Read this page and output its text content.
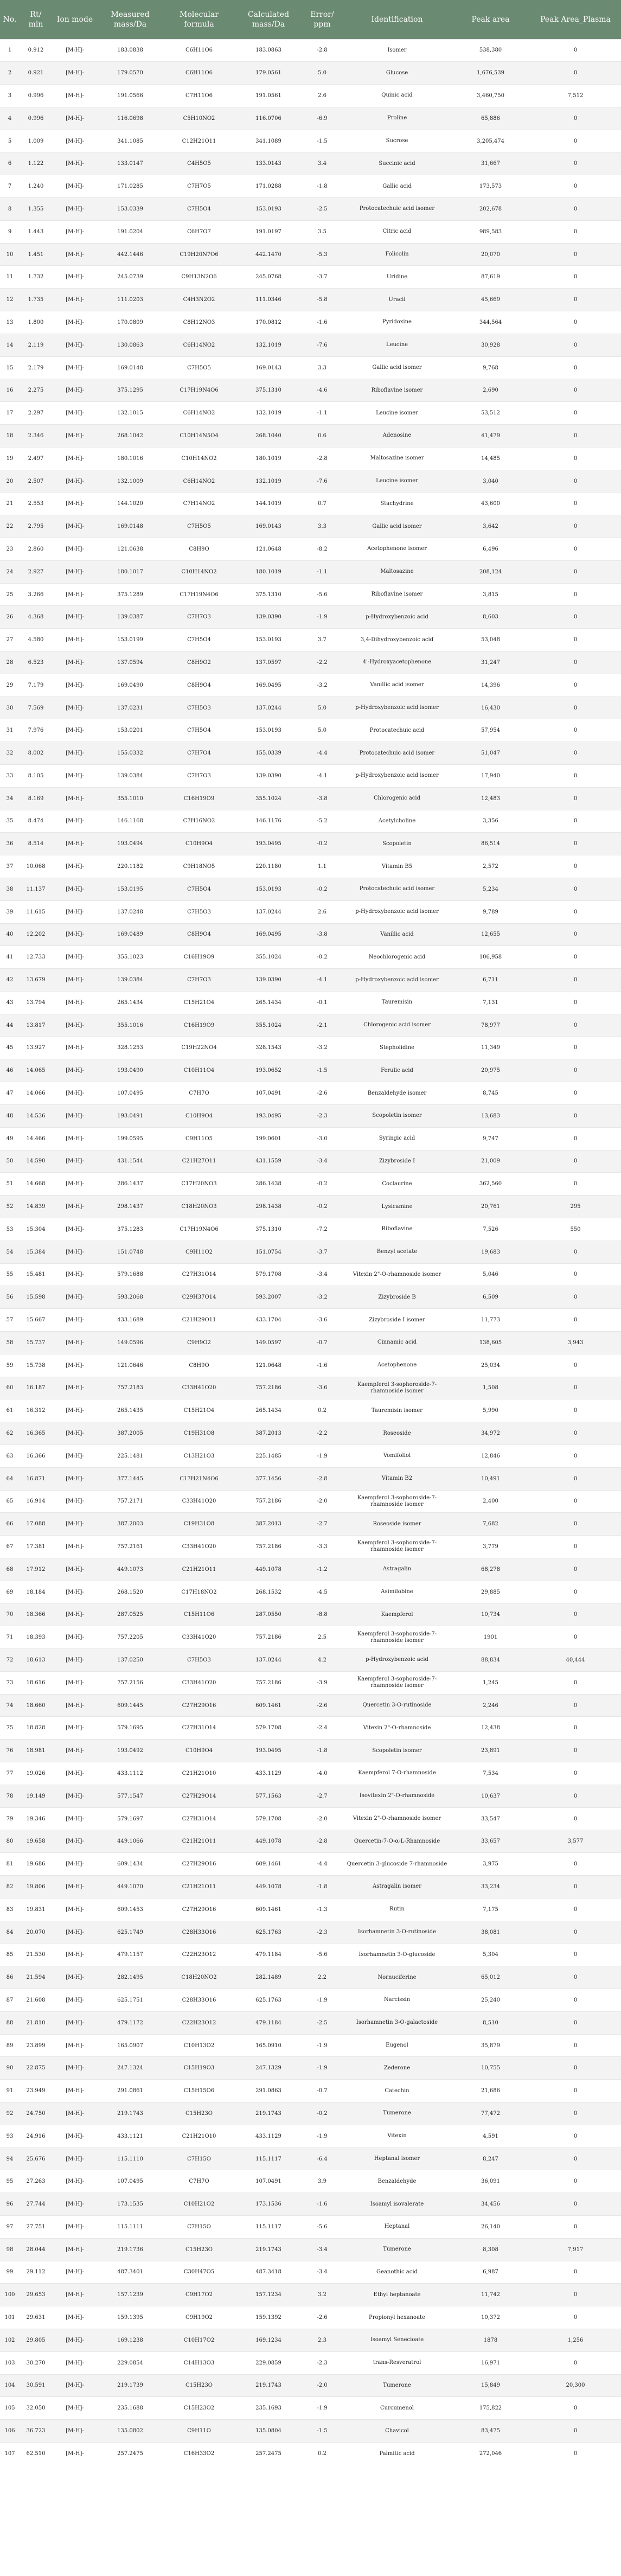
No.	Rt/ min	Ion mode	Measured mass/Da	Molecular formula	Calculated mass/Da	Error/ ppm	Identification	Peak area	Peak Area_Plasma
1	0.912	[M-H]-	183.0838	C6H11O6	183.0863	-2.8	Isomer	538,380	0
2	0.921	[M-H]-	179.0570	C6H11O6	179.0561	5.0	Glucose	1,676,539	0
3	0.996	[M-H]-	191.0566	C7H11O6	191.0561	2.6	Quinic acid	3,460,750	7,512
4	0.996	[M-H]-	116.0698	C5H10NO2	116.0706	-6.9	Proline	65,886	0
5	1.009	[M-H]-	341.1085	C12H21O11	341.1089	-1.5	Sucrose	3,205,474	0
6	1.122	[M-H]-	133.0147	C4H5O5	133.0143	3.4	Succinic acid	31,667	0
7	1.240	[M-H]-	171.0285	C7H7O5	171.0288	-1.8	Gallic acid	173,573	0
8	1.355	[M-H]-	153.0339	C7H5O4	153.0193	-2.5	Protocatechuic acid isomer	202,678	0
9	1.443	[M-H]-	191.0204	C6H7O7	191.0197	3.5	Citric acid	989,583	0
10	1.451	[M-H]-	442.1446	C19H20N7O6	442.1470	-5.3	Folicolin	20,070	0
11	1.732	[M-H]-	245.0739	C9H13N2O6	245.0768	-3.7	Uridine	87,619	0
12	1.735	[M-H]-	111.0203	C4H3N2O2	111.0346	-5.8	Uracil	45,669	0
13	1.800	[M-H]-	170.0809	C8H12NO3	170.0812	-1.6	Pyridoxine	344,564	0
14	2.119	[M-H]-	130.0863	C6H14NO2	132.1019	-7.6	Leucine	30,928	0
15	2.179	[M-H]-	169.0148	C7H5O5	169.0143	3.3	Gallic acid isomer	9,768	0
16	2.275	[M-H]-	375.1295	C17H19N4O6	375.1310	-4.6	Riboflavine isomer	2,690	0
17	2.297	[M-H]-	132.1015	C6H14NO2	132.1019	-1.1	Leucine isomer	53,512	0
18	2.346	[M-H]-	268.1042	C10H14N5O4	268.1040	0.6	Adenosine	41,479	0
19	2.497	[M-H]-	180.1016	C10H14NO2	180.1019	-2.8	Maltosazine isomer	14,485	0
20	2.507	[M-H]-	132.1009	C6H14NO2	132.1019	-7.6	Leucine isomer	3,040	0
21	2.553	[M-H]-	144.1020	C7H14NO2	144.1019	0.7	Stachydrine	43,600	0
22	2.795	[M-H]-	169.0148	C7H5O5	169.0143	3.3	Gallic acid isomer	3,642	0
23	2.860	[M-H]-	121.0638	C8H9O	121.0648	-8.2	Acetophenone isomer	6,496	0
24	2.927	[M-H]-	180.1017	C10H14NO2	180.1019	-1.1	Maltosazine	208,124	0
25	3.266	[M-H]-	375.1289	C17H19N4O6	375.1310	-5.6	Riboflavine isomer	3,815	0
26	4.368	[M-H]-	139.0387	C7H7O3	139.0390	-1.9	p-Hydroxybenzoic acid	8,603	0
27	4.580	[M-H]-	153.0199	C7H5O4	153.0193	3.7	3,4-Dihydroxybenzoic acid	53,048	0
28	6.523	[M-H]-	137.0594	C8H9O2	137.0597	-2.2	4'-Hydroxyacetophenone	31,247	0
29	7.179	[M-H]-	169.0490	C8H9O4	169.0495	-3.2	Vanillic acid isomer	14,396	0
30	7.569	[M-H]-	137.0231	C7H5O3	137.0244	5.0	p-Hydroxybenzoic acid isomer	16,430	0
31	7.976	[M-H]-	153.0201	C7H5O4	153.0193	5.0	Protocatechuic acid	57,954	0
32	8.002	[M-H]-	155.0332	C7H7O4	155.0339	-4.4	Protocatechuic acid isomer	51,047	0
33	8.105	[M-H]-	139.0384	C7H7O3	139.0390	-4.1	p-Hydroxybenzoic acid isomer	17,940	0
34	8.169	[M-H]-	355.1010	C16H19O9	355.1024	-3.8	Chlorogenic acid	12,483	0
35	8.474	[M-H]-	146.1168	C7H16NO2	146.1176	-5.2	Acetylcholine	3,356	0
36	8.514	[M-H]-	193.0494	C10H9O4	193.0495	-0.2	Scopoletin	86,514	0
37	10.068	[M-H]-	220.1182	C9H18NO5	220.1180	1.1	Vitamin B5	2,572	0
38	11.137	[M-H]-	153.0195	C7H5O4	153.0193	-0.2	Protocatechuic acid isomer	5,234	0
39	11.615	[M-H]-	137.0248	C7H5O3	137.0244	2.6	p-Hydroxybenzoic acid isomer	9,789	0
40	12.202	[M-H]-	169.0489	C8H9O4	169.0495	-3.8	Vanillic acid	12,655	0
41	12.733	[M-H]-	355.1023	C16H19O9	355.1024	-0.2	Neochlorogenic acid	106,958	0
42	13.679	[M-H]-	139.0384	C7H7O3	139.0390	-4.1	p-Hydroxybenzoic acid isomer	6,711	0
43	13.794	[M-H]-	265.1434	C15H21O4	265.1434	-0.1	Tauremisin	7,131	0
44	13.817	[M-H]-	355.1016	C16H19O9	355.1024	-2.1	Chlorogenic acid isomer	78,977	0
45	13.927	[M-H]-	328.1253	C19H22NO4	328.1543	-3.2	Stepholidine	11,349	0
46	14.065	[M-H]-	193.0490	C10H11O4	193.0652	-1.5	Ferulic acid	20,975	0
47	14.066	[M-H]-	107.0495	C7H7O	107.0491	-2.6	Benzaldehyde isomer	8,745	0
48	14.536	[M-H]-	193.0491	C10H9O4	193.0495	-2.3	Scopoletin isomer	13,683	0
49	14.466	[M-H]-	199.0595	C9H11O5	199.0601	-3.0	Syringic acid	9,747	0
50	14.590	[M-H]-	431.1544	C21H27O11	431.1559	-3.4	Zizybroside I	21,009	0
51	14.668	[M-H]-	286.1437	C17H20NO3	286.1438	-0.2	Coclaurine	362,560	0
52	14.839	[M-H]-	298.1437	C18H20NO3	298.1438	-0.2	Lysicamine	20,761	295
53	15.304	[M-H]-	375.1283	C17H19N4O6	375.1310	-7.2	Riboflavine	7,526	550
54	15.384	[M-H]-	151.0748	C9H11O2	151.0754	-3.7	Benzyl acetate	19,683	0
55	15.481	[M-H]-	579.1688	C27H31O14	579.1708	-3.4	Vitexin 2"-O-rhamnoside isomer	5,046	0
56	15.598	[M-H]-	593.2068	C29H37O14	593.2007	-3.2	Zizybroside B	6,509	0
57	15.667	[M-H]-	433.1689	C21H29O11	433.1704	-3.6	Zizybroside I isomer	11,773	0
58	15.737	[M-H]-	149.0596	C9H9O2	149.0597	-0.7	Cinnamic acid	138,605	3,943
59	15.738	[M-H]-	121.0646	C8H9O	121.0648	-1.6	Acetophenone	25,034	0
60	16.187	[M-H]-	757.2183	C33H41O20	757.2186	-3.6	Kaempferol 3-sophoroside-7-rhamnoside isomer	1,508	0
61	16.312	[M-H]-	265.1435	C15H21O4	265.1434	0.2	Tauremisin isomer	5,990	0
62	16.365	[M-H]-	387.2005	C19H31O8	387.2013	-2.2	Roseoside	34,972	0
63	16.366	[M-H]-	225.1481	C13H21O3	225.1485	-1.9	Vomifoliol	12,846	0
64	16.871	[M-H]-	377.1445	C17H21N4O6	377.1456	-2.8	Vitamin B2	10,491	0
65	16.914	[M-H]-	757.2171	C33H41O20	757.2186	-2.0	Kaempferol 3-sophoroside-7-rhamnoside isomer	2,400	0
66	17.088	[M-H]-	387.2003	C19H31O8	387.2013	-2.7	Roseoside isomer	7,682	0
67	17.381	[M-H]-	757.2161	C33H41O20	757.2186	-3.3	Kaempferol 3-sophoroside-7-rhamnoside isomer	3,779	0
68	17.912	[M-H]-	449.1073	C21H21O11	449.1078	-1.2	Astragalin	68,278	0
69	18.184	[M-H]-	268.1520	C17H18NO2	268.1532	-4.5	Asimilobine	29,885	0
70	18.366	[M-H]-	287.0525	C15H11O6	287.0550	-8.8	Kaempferol	10,734	0
71	18.393	[M-H]-	757.2205	C33H41O20	757.2186	2.5	Kaempferol 3-sophoroside-7-rhamnoside isomer	1901	0
72	18.613	[M-H]-	137.0250	C7H5O3	137.0244	4.2	p-Hydroxybenzoic acid	88,834	40,444
73	18.616	[M-H]-	757.2156	C33H41O20	757.2186	-3.9	Kaempferol 3-sophoroside-7-rhamnoside isomer	1,245	0
74	18.660	[M-H]-	609.1445	C27H29O16	609.1461	-2.6	Quercetin 3-O-rutinoside	2,246	0
75	18.828	[M-H]-	579.1695	C27H31O14	579.1708	-2.4	Vitexin 2"-O-rhamnoside	12,438	0
76	18.981	[M-H]-	193.0492	C10H9O4	193.0495	-1.8	Scopoletin isomer	23,891	0
77	19.026	[M-H]-	433.1112	C21H21O10	433.1129	-4.0	Kaempferol 7-O-rhamnoside	7,534	0
78	19.149	[M-H]-	577.1547	C27H29O14	577.1563	-2.7	Isovitexin 2"-O-rhamnoside	10,637	0
79	19.346	[M-H]-	579.1697	C27H31O14	579.1708	-2.0	Vitexin 2"-O-rhamnoside isomer	33,547	0
80	19.658	[M-H]-	449.1066	C21H21O11	449.1078	-2.8	Quercetin-7-O-α-L-Rhamnoside	33,657	3,577
81	19.686	[M-H]-	609.1434	C27H29O16	609.1461	-4.4	Quercetin 3-glucoside 7-rhamnoside	3,975	0
82	19.806	[M-H]-	449.1070	C21H21O11	449.1078	-1.8	Astragalin isomer	33,234	0
83	19.831	[M-H]-	609.1453	C27H29O16	609.1461	-1.3	Rutin	7,175	0
84	20.070	[M-H]-	625.1749	C28H33O16	625.1763	-2.3	Isorhamnetin 3-O-rutinoside	38,081	0
85	21.530	[M-H]-	479.1157	C22H23O12	479.1184	-5.6	Isorhamnetin 3-O-glucoside	5,304	0
86	21.594	[M-H]-	282.1495	C18H20NO2	282.1489	2.2	Nornuciferine	65,012	0
87	21.608	[M-H]-	625.1751	C28H33O16	625.1763	-1.9	Narcissin	25,240	0
88	21.810	[M-H]-	479.1172	C22H23O12	479.1184	-2.5	Isorhamnetin 3-O-galactoside	8,510	0
89	23.899	[M-H]-	165.0907	C10H13O2	165.0910	-1.9	Eugenol	35,879	0
90	22.875	[M-H]-	247.1324	C15H19O3	247.1329	-1.9	Zederone	10,755	0
91	23.949	[M-H]-	291.0861	C15H15O6	291.0863	-0.7	Catechin	21,686	0
92	24.750	[M-H]-	219.1743	C15H23O	219.1743	-0.2	Tumerone	77,472	0
93	24.916	[M-H]-	433.1121	C21H21O10	433.1129	-1.9	Vitexin	4,591	0
94	25.676	[M-H]-	115.1110	C7H15O	115.1117	-6.4	Heptanal isomer	8,247	0
95	27.263	[M-H]-	107.0495	C7H7O	107.0491	3.9	Benzaldehyde	36,091	0
96	27.744	[M-H]-	173.1535	C10H21O2	173.1536	-1.6	Isoamyl isovalerate	34,456	0
97	27.751	[M-H]-	115.1111	C7H15O	115.1117	-5.6	Heptanal	26,140	0
98	28.044	[M-H]-	219.1736	C15H23O	219.1743	-3.4	Tumerone	8,308	7,917
99	29.112	[M-H]-	487.3401	C30H47O5	487.3418	-3.4	Geanothic acid	6,987	0
100	29.653	[M-H]-	157.1239	C9H17O2	157.1234	3.2	Ethyl heptanoate	11,742	0
101	29.631	[M-H]-	159.1395	C9H19O2	159.1392	-2.6	Propionyl hexanoate	10,372	0
102	29.805	[M-H]-	169.1238	C10H17O2	169.1234	2.3	Isoamyl Senecioate	1878	1,256
103	30.270	[M-H]-	229.0854	C14H13O3	229.0859	-2.3	trans-Resveratrol	16,971	0
104	30.591	[M-H]-	219.1739	C15H23O	219.1743	-2.0	Tumerone	15,849	20,300
105	32.050	[M-H]-	235.1688	C15H23O2	235.1693	-1.9	Curcumenol	175,822	0
106	36.723	[M-H]-	135.0802	C9H11O	135.0804	-1.5	Chavicol	83,475	0
107	62.510	[M-H]-	257.2475	C16H33O2	257.2475	0.2	Palmitic acid	272,046	0
